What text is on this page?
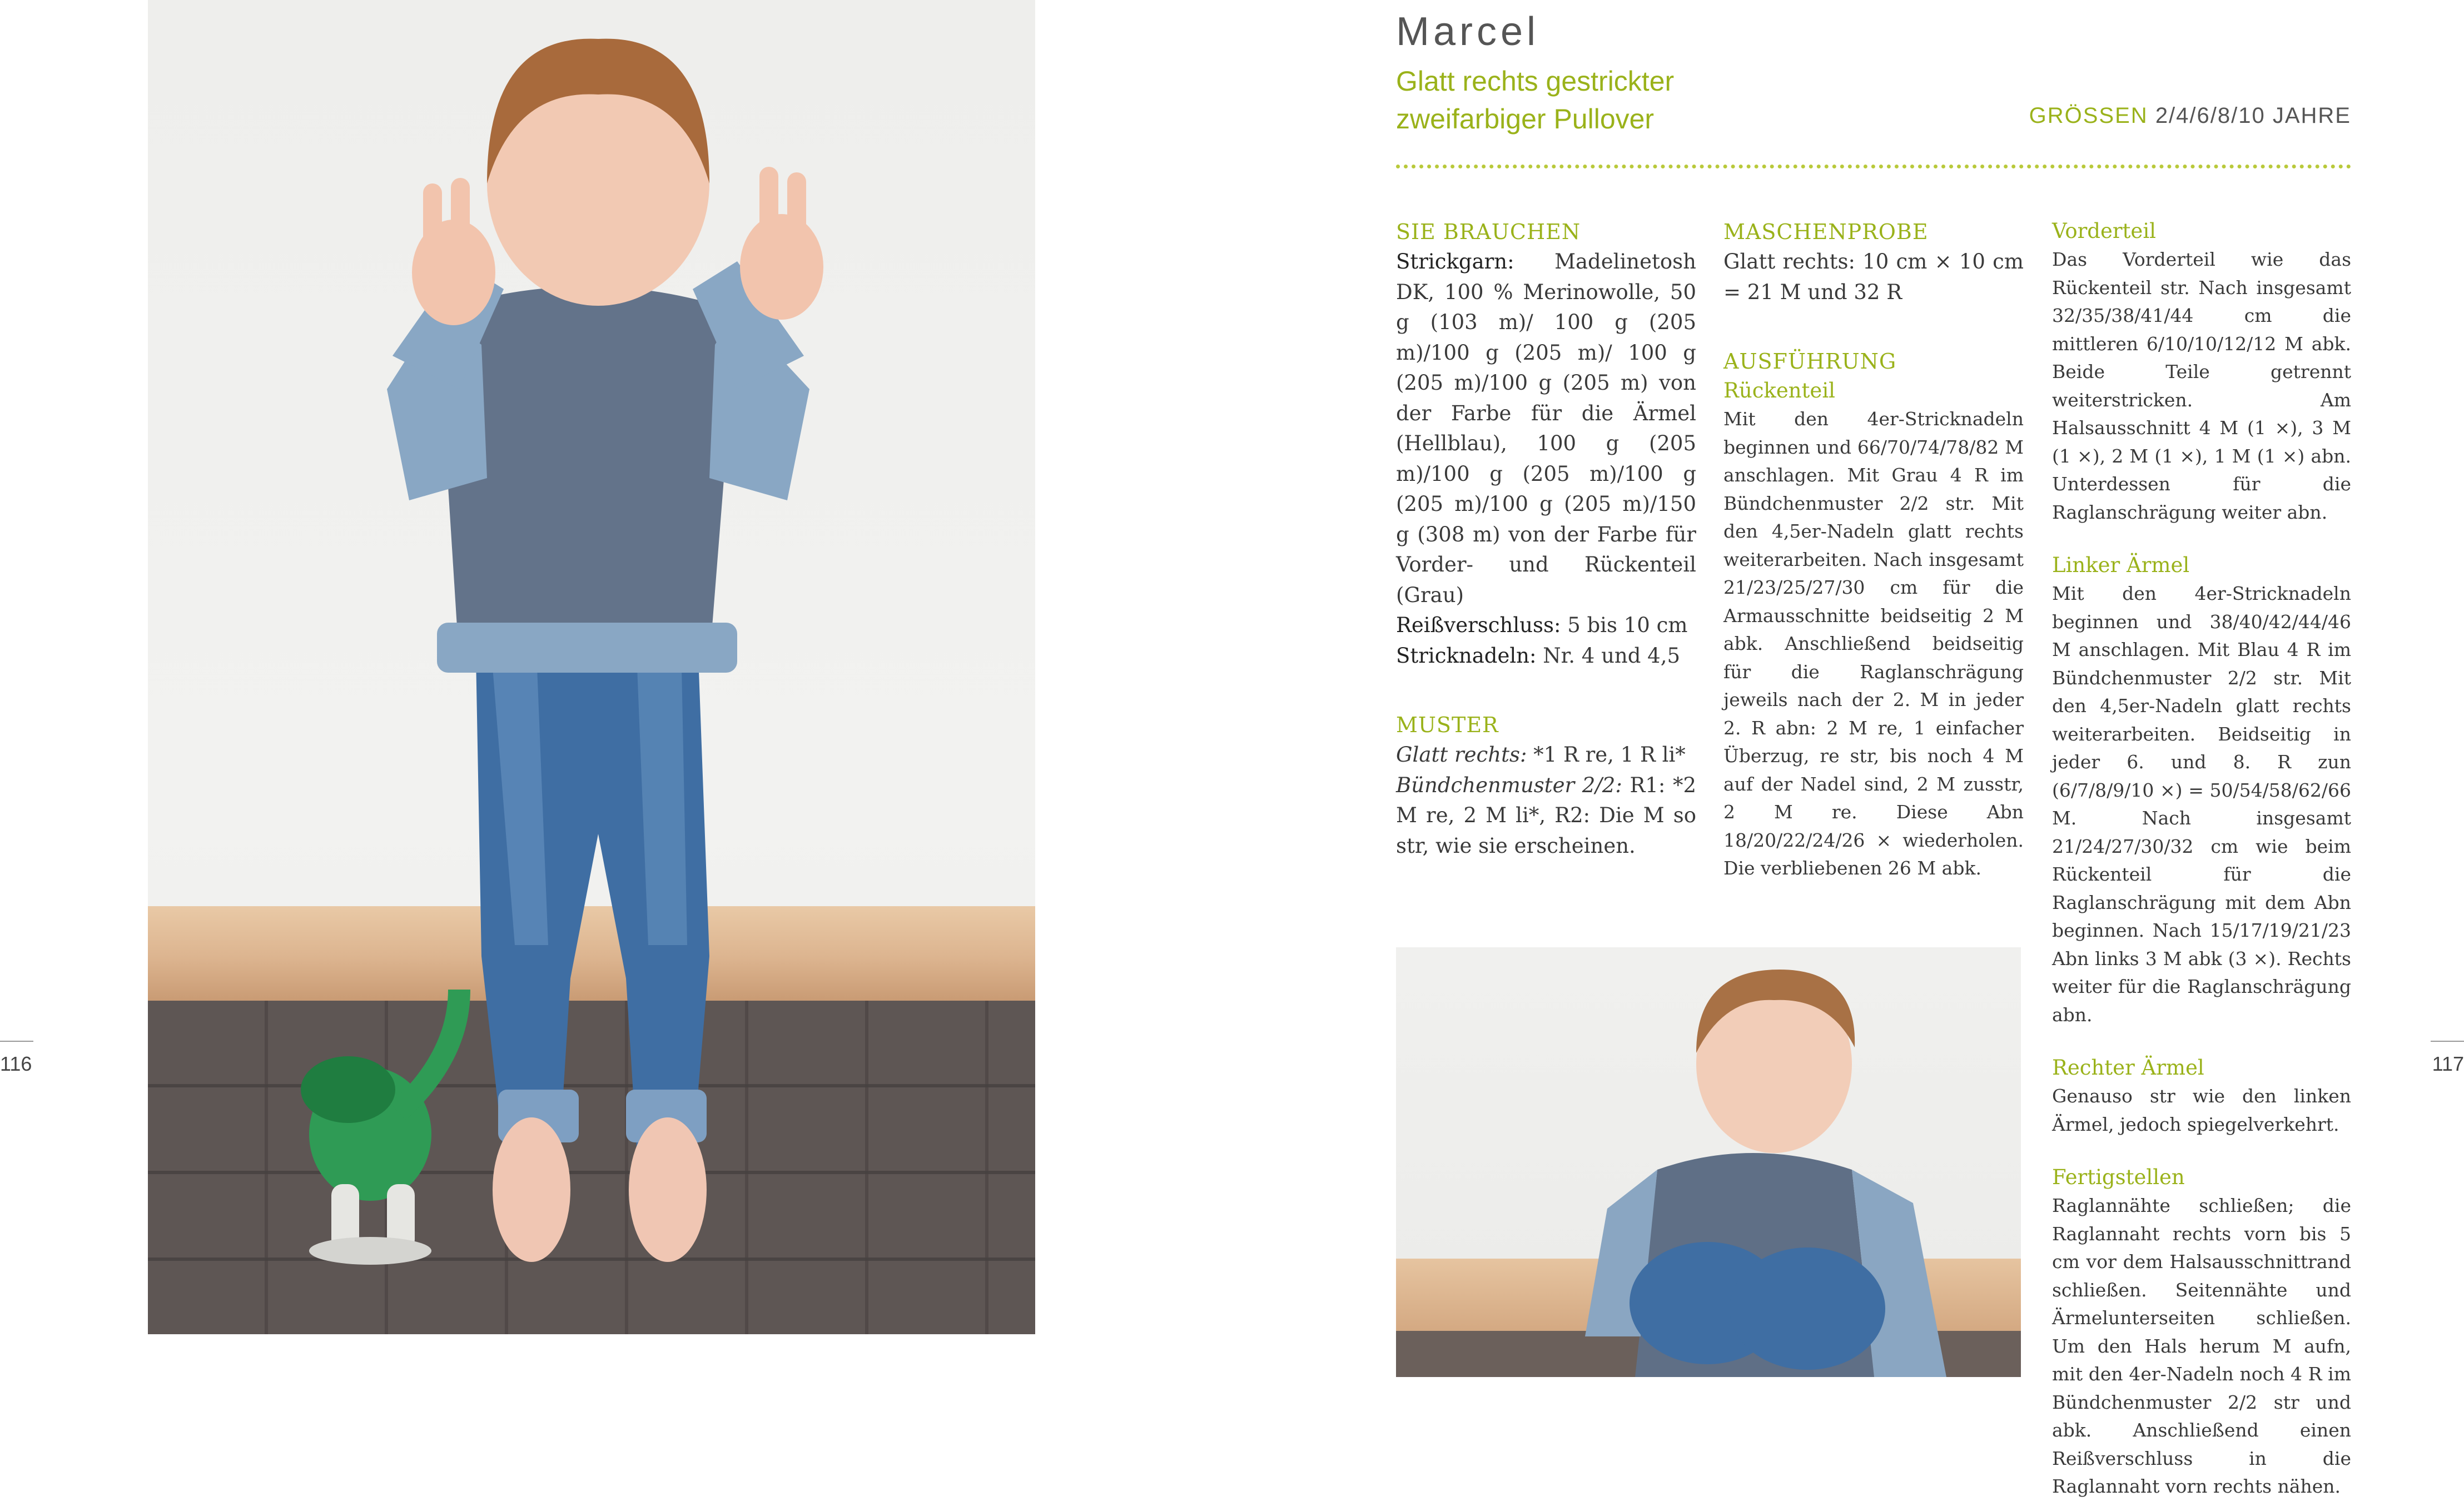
Marcel
Glatt rechts gestrickter
zweifarbiger Pullover	GRÖSSEN 2/4/6/8/10 JAHRE

SIE BRAUCHEN

Strickgarn: Madelinetosh DK, 100 % Merinowolle, 50 g (103 m)/ 100 g (205 m)/100 g (205 m)/ 100 g (205 m)/100 g (205 m) von der Farbe für die Ärmel (Hellblau), 100 g (205 m)/100 g (205 m)/100 g (205 m)/100 g (205 m)/150 g (308 m) von der Farbe für Vorder- und Rückenteil (Grau)

Reißverschluss: 5 bis 10 cm

Stricknadeln: Nr. 4 und 4,5

MUSTER

Glatt rechts: *1 R re, 1 R li*

Bündchenmuster 2/2: R1: *2 M re, 2 M li*, R2: Die M so str, wie sie erscheinen.

MASCHENPROBE

Glatt rechts: 10 cm × 10 cm = 21 M und 32 R

AUSFÜHRUNG

Rückenteil

Mit den 4er-Stricknadeln beginnen und 66/70/74/78/82 M anschlagen. Mit Grau 4 R im Bündchenmuster 2/2 str. Mit den 4,5er-Nadeln glatt rechts weiterarbeiten. Nach insgesamt 21/23/25/27/30 cm für die Armausschnitte beidseitig 2 M abk. Anschließend beidseitig für die Raglanschrägung jeweils nach der 2. M in jeder 2. R abn: 2 M re, 1 einfacher Überzug, re str, bis noch 4 M auf der Nadel sind, 2 M zusstr, 2 M re. Diese Abn 18/20/22/24/26 × wiederholen. Die verbliebenen 26 M abk.

Vorderteil

Das Vorderteil wie das Rückenteil str. Nach insgesamt 32/35/38/41/44 cm die mittleren 6/10/10/12/12 M abk. Beide Teile getrennt weiterstricken. Am Halsausschnitt 4 M (1 ×), 3 M (1 ×), 2 M (1 ×), 1 M (1 ×) abn. Unterdessen für die Raglanschrägung weiter abn.

Linker Ärmel

Mit den 4er-Stricknadeln beginnen und 38/40/42/44/46 M anschlagen. Mit Blau 4 R im Bündchenmuster 2/2 str. Mit den 4,5er-Nadeln glatt rechts weiterarbeiten. Beidseitig in jeder 6. und 8. R zun (6/7/8/9/10 ×) = 50/54/58/62/66 M. Nach insgesamt 21/24/27/30/32 cm wie beim Rückenteil für die Raglanschrägung mit dem Abn beginnen. Nach 15/17/19/21/23 Abn links 3 M abk (3 ×). Rechts weiter für die Raglanschrägung abn.

Rechter Ärmel

Genauso str wie den linken Ärmel, jedoch spiegelverkehrt.

Fertigstellen

Raglannähte schließen; die Raglannaht rechts vorn bis 5 cm vor dem Halsausschnittrand schließen. Seitennähte und Ärmelunterseiten schließen. Um den Hals herum M aufn, mit den 4er-Nadeln noch 4 R im Bündchenmuster 2/2 str und abk. Anschließend einen Reißverschluss in die Raglannaht vorn rechts nähen.

116	117
